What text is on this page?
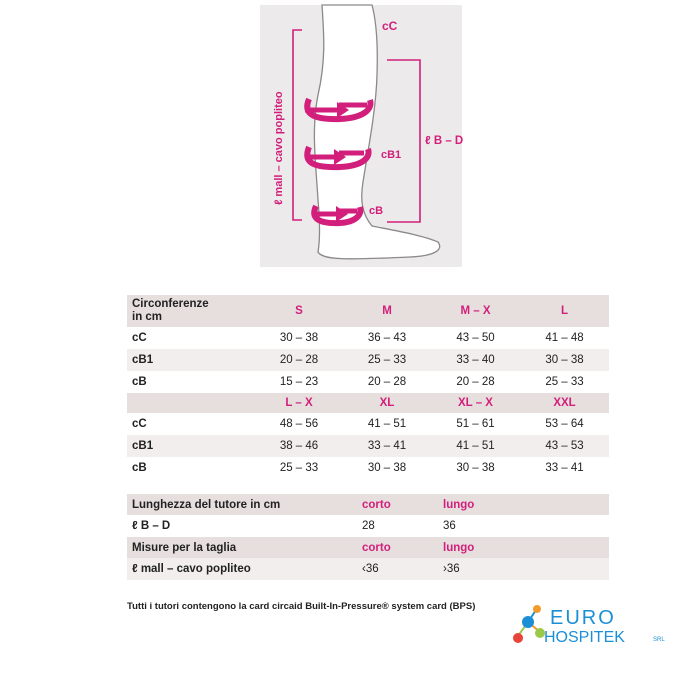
cC
cB1
cB
ℓ B – D
ℓ mall – cavo popliteo
Circonferenze
in cm	S	M	M – X	L
cC	30 – 38	36 – 43	43 – 50	41 – 48
cB1	20 – 28	25 – 33	33 – 40	30 – 38
cB	15 – 23	20 – 28	20 – 28	25 – 33
	L – X	XL	XL – X	XXL
cC	48 – 56	41 – 51	51 – 61	53 – 64
cB1	38 – 46	33 – 41	41 – 51	43 – 53
cB	25 – 33	30 – 38	30 – 38	33 – 41
Lunghezza del tutore in cm	corto	lungo
ℓ B – D	28	36
Misure per la taglia	corto	lungo
ℓ mall – cavo popliteo	‹36	›36
Tutti i tutori contengono la card circaid Built-In-Pressure® system card (BPS)
EURO
HOSPITEK	SRL
